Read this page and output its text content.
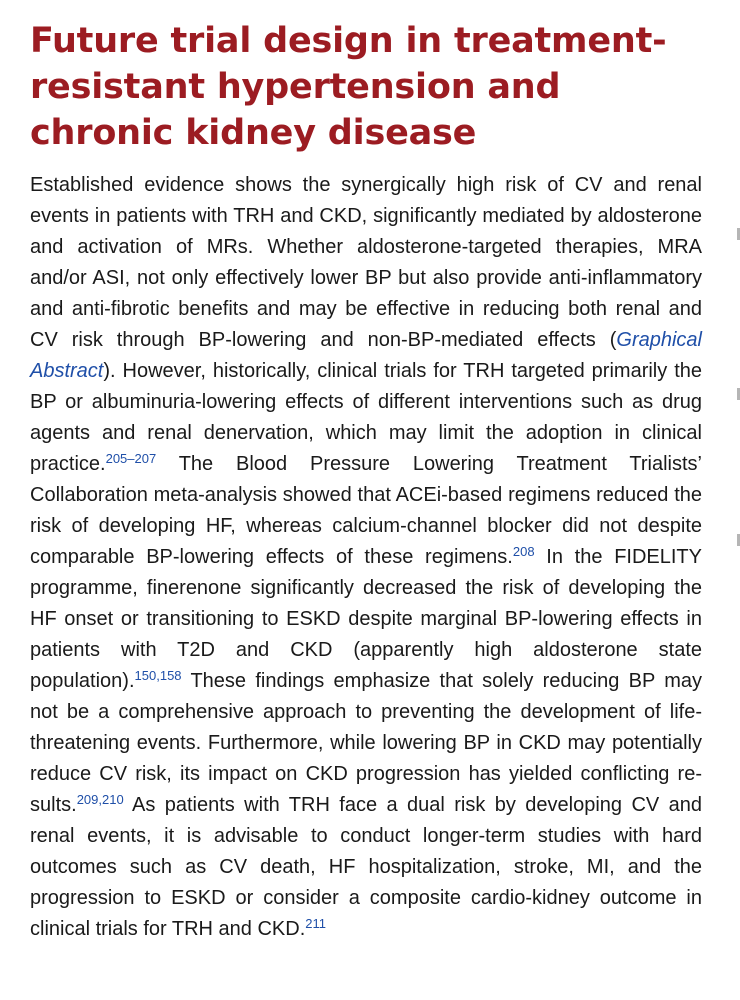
Future trial design in treatment-resistant hypertension and chronic kidney disease

Established evidence shows the synergically high risk of CV and renal events in patients with TRH and CKD, significantly mediated by aldosterone and activation of MRs. Whether aldosterone-targeted therapies, MRA and/or ASI, not only effectively lower BP but also provide anti-inflammatory and anti-fibrotic benefits and may be effective in reducing both renal and CV risk through BP-lowering and non-BP-mediated effects (Graphical Abstract). However, historically, clinical trials for TRH targeted primarily the BP or albuminuria-lowering effects of different interventions such as drug agents and renal denervation, which may limit the adoption in clinical practice.$^{205-207}$ The Blood Pressure Lowering Treatment Trialists’ Collaboration meta-analysis showed that ACEi-based regimens reduced the risk of developing HF, whereas calcium-channel blocker did not despite comparable BP-lowering effects of these regimens.$^{208}$ In the FIDELITY programme, finerenone significantly decreased the risk of developing the HF onset or transitioning to ESKD despite marginal BP-lowering effects in patients with T2D and CKD (apparently high aldosterone state population).$^{150,158}$ These findings emphasize that solely reducing BP may not be a comprehensive approach to preventing the development of life-threatening events. Furthermore, while lowering BP in CKD may potentially reduce CV risk, its impact on CKD progression has yielded conflicting results.$^{209,210}$ As patients with TRH face a dual risk by developing CV and renal events, it is advisable to conduct longer-term studies with hard outcomes such as CV death, HF hospitalization, stroke, MI, and the progression to ESKD or consider a composite cardio-kidney outcome in clinical trials for TRH and CKD.$^{211}$
